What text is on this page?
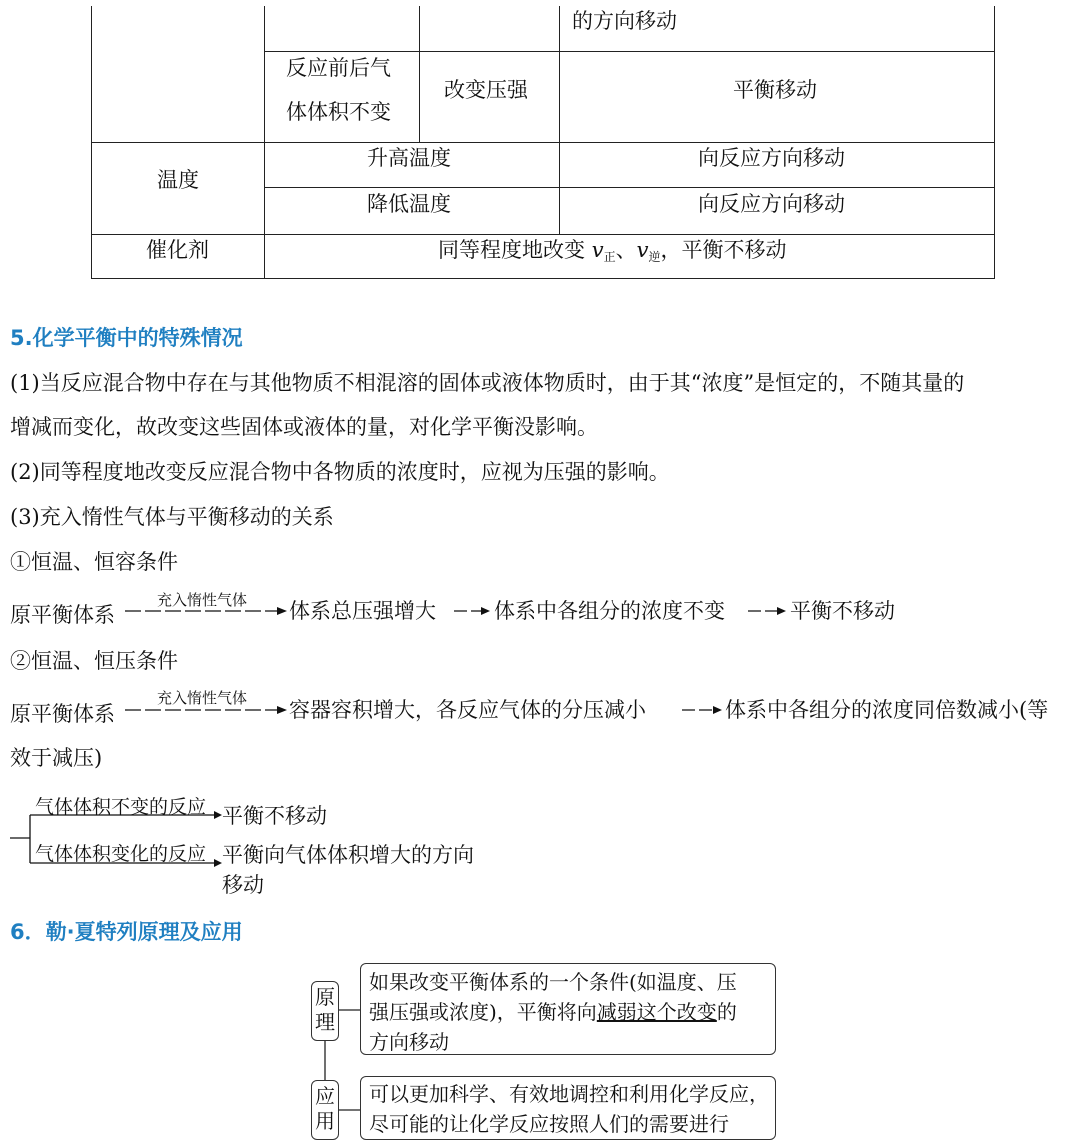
的方向移动
反应前后气
体体积不变
改变压强	平衡移动
温度
升高温度	向反应方向移动
降低温度	向反应方向移动
催化剂	同等程度地改变 $v_正$、$v_逆$，平衡不移动
5.化学平衡中的特殊情况
(1)当反应混合物中存在与其他物质不相混溶的固体或液体物质时，由于其“浓度”是恒定的，不随其量的
增减而变化，故改变这些固体或液体的量，对化学平衡没影响。
(2)同等程度地改变反应混合物中各物质的浓度时，应视为压强的影响。
(3)充入惰性气体与平衡移动的关系
①恒温、恒容条件
原平衡体系
充入惰性气体 体系总压强增大	体系中各组分的浓度不变	平衡不移动
②恒温、恒压条件
原平衡体系
充入惰性气体 容器容积增大，各反应气体的分压减小	体系中各组分的浓度同倍数减小(等
效于减压)
气体体积不变的反应 平衡不移动
气体体积变化的反应 平衡向气体体积增大的方向
移动
6．勒·夏特列原理及应用
原
理
如果改变平衡体系的一个条件(如温度、压
强压强或浓度)，平衡将向减弱这个改变的
方向移动
应
用
可以更加科学、有效地调控和利用化学反应，
尽可能的让化学反应按照人们的需要进行
